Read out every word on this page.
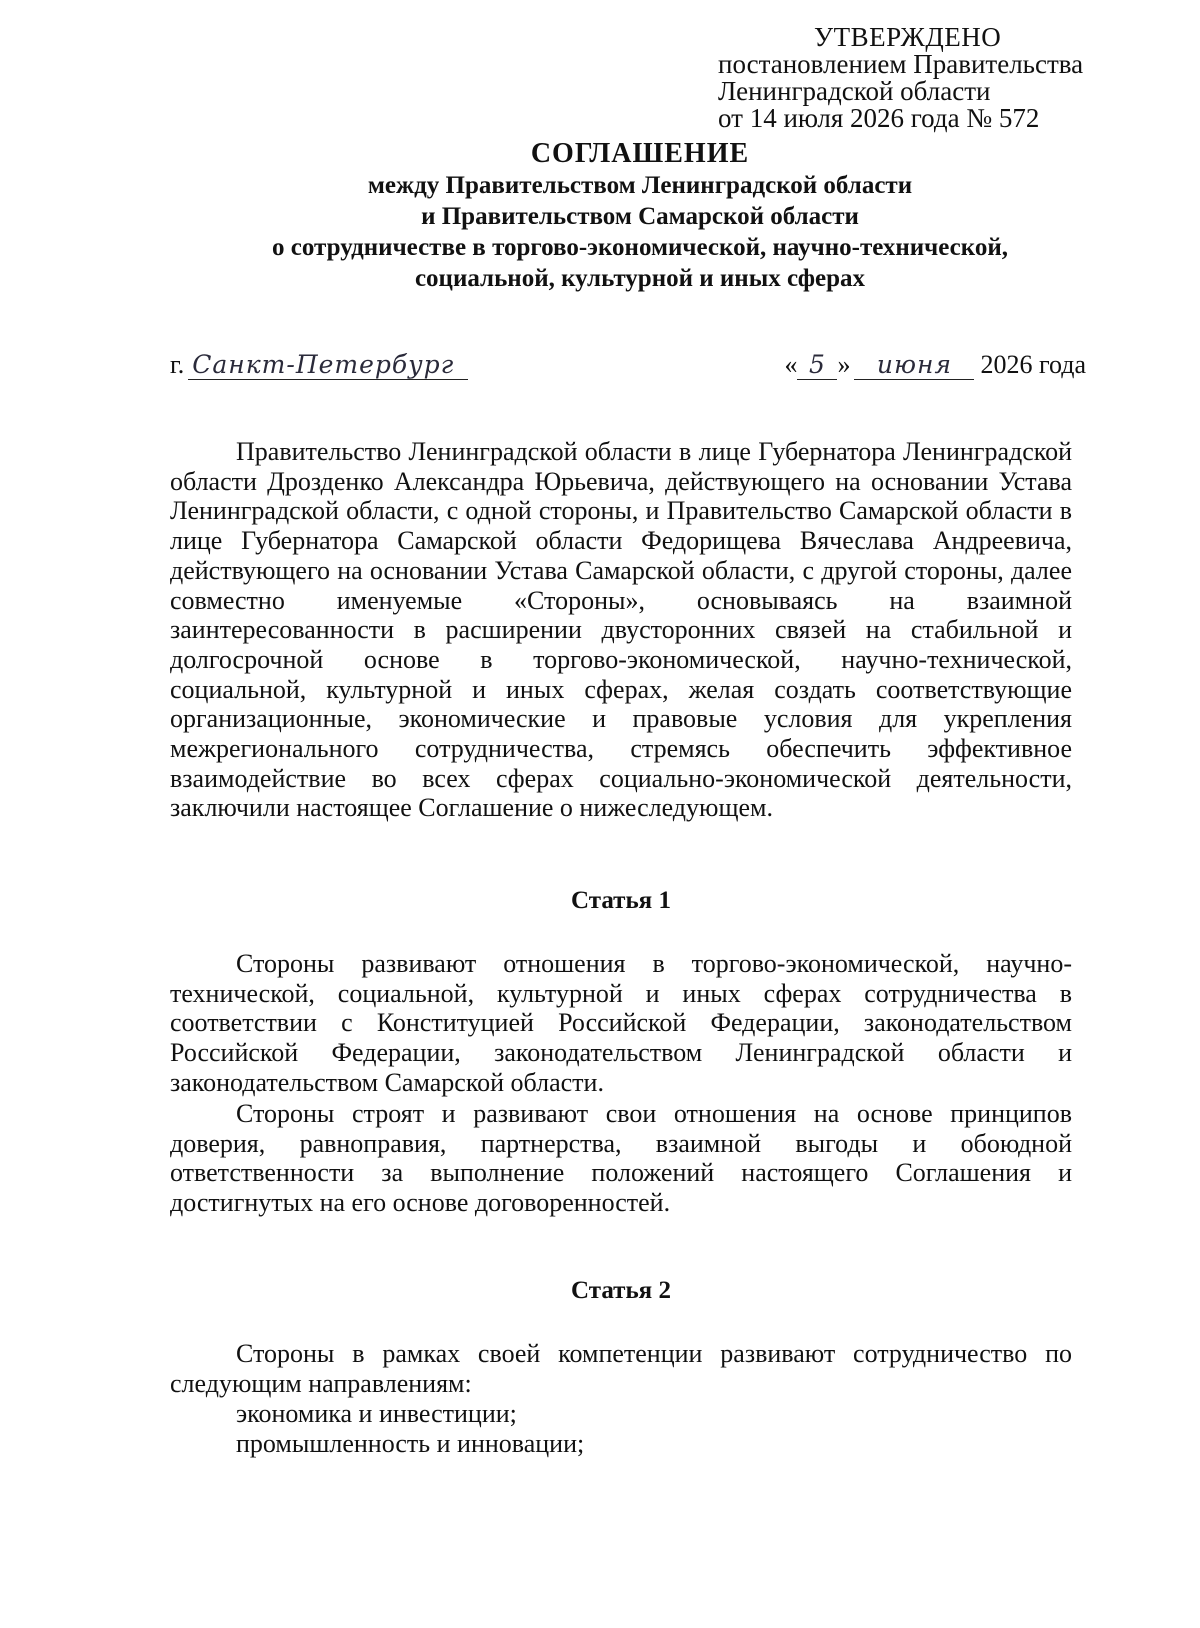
УТВЕРЖДЕНО
постановлением Правительства
Ленинградской области
от 14 июля 2026 года № 572
СОГЛАШЕНИЕ
между Правительством Ленинградской области
и Правительством Самарской области
о сотрудничестве в торгово-экономической, научно-технической,
социальной, культурной и иных сферах
г. Санкт-Петербург	« 5 » июня 2026 года

Правительство Ленинградской области в лице Губернатора Ленинградской области Дрозденко Александра Юрьевича, действующего на основании Устава Ленинградской области, с одной стороны, и Правительство Самарской области в лице Губернатора Самарской области Федорищева Вячеслава Андреевича, действующего на основании Устава Самарской области, с другой стороны, далее совместно именуемые «Стороны», основываясь на взаимной заинтересованности в расширении двусторонних связей на стабильной и долгосрочной основе в торгово-экономической, научно-технической, социальной, культурной и иных сферах, желая создать соответствующие организационные, экономические и правовые условия для укрепления межрегионального сотрудничества, стремясь обеспечить эффективное взаимодействие во всех сферах социально-экономической деятельности, заключили настоящее Соглашение о нижеследующем.

Статья 1

Стороны развивают отношения в торгово-экономической, научно-технической, социальной, культурной и иных сферах сотрудничества в соответствии с Конституцией Российской Федерации, законодательством Российской Федерации, законодательством Ленинградской области и законодательством Самарской области.

Стороны строят и развивают свои отношения на основе принципов доверия, равноправия, партнерства, взаимной выгоды и обоюдной ответственности за выполнение положений настоящего Соглашения и достигнутых на его основе договоренностей.

Статья 2

Стороны в рамках своей компетенции развивают сотрудничество по следующим направлениям:

экономика и инвестиции;
промышленность и инновации;
